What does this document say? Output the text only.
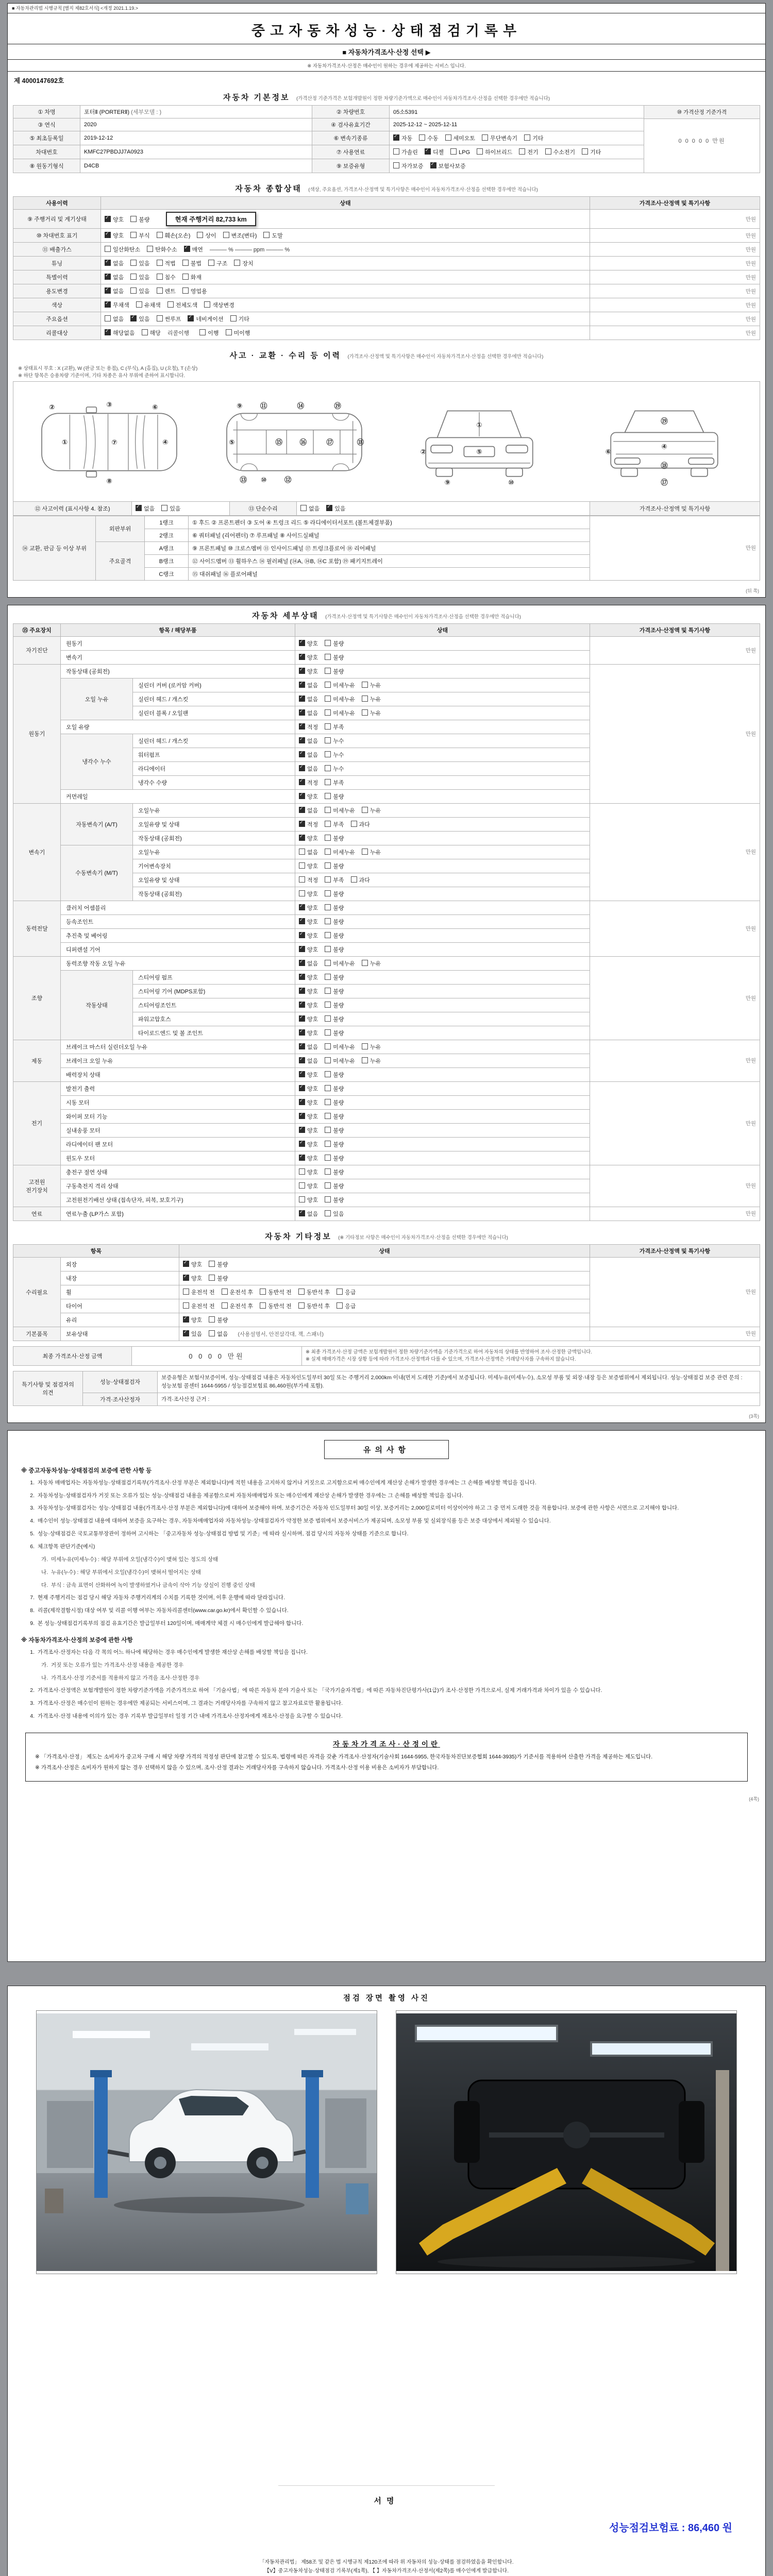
■ 자동차관리법 시행규칙 [별지 제82호서식] <개정 2021.1.19.>
중고자동차성능·상태점검기록부
■ 자동차가격조사·산정 선택 ▶
※ 자동차가격조사·산정은 매수인이 원하는 경우에 제공하는 서비스 입니다.
제 4000147692호
자동차 기본정보 (가격산정 기준가격은 보험개발원이 정한 차량기준가액으로 매수인이 자동차가격조사·산정을 선택한 경우에만 적습니다)
① 차명	포터Ⅱ (PORTERⅡ) (세부모델 : )	② 차량번호	05소5391	⑩ 가격산정 기준가격
0 0 0 0 0 만원

③ 연식	2020	④ 검사유효기간	2025-12-12 ~ 2025-12-11	
⑤ 최초등록일	2019-12-12	⑥ 변속기종류	✓자동 수동 세미오토 무단변속기 기타
차대번호	KMFC27PBDJJ7A0923	⑦ 사용연료	가솔린 ✓ 디젤 LPG 하이브리드 전기 수소전기 기타
⑧ 원동기형식	D4CB	⑨ 보증유형	자가보증 ✓ 보험사보증
자동차 종합상태 (색상, 주요옵션, 가격조사·산정액 및 특기사항은 매수인이 자동차가격조사·산정을 선택한 경우에만 적습니다)
사용이력	상태	가격조사·산정액 및 특기사항
⑨ 주행거리 및 계기상태	✓양호 불량 현재 주행거리 82,733 km	만원
⑩ 차대번호 표기	✓양호 부식 훼손(오손) 상이 변조(변타) 도말	만원
⑪ 배출가스	일산화탄소 탄화수소 ✓ 매연 ――― % ――― ppm ――― %	만원
튜닝	✓없음 있음 적법 불법 구조 장치	만원
특별이력	✓없음 있음 침수 화재	만원
용도변경	✓없음 있음 렌트 영업용	만원
색상	✓무채색 유채색 전체도색 색상변경	만원
주요옵션	없음 ✓ 있음 썬루프 ✓ 네비게이션 기타	만원
리콜대상	✓해당없음 해당 리콜이행 이행 미이행	만원
사고 · 교환 · 수리 등 이력 (가격조사·산정액 및 특기사항은 매수인이 자동차가격조사·산정을 선택한 경우에만 적습니다)
※ 상태표시 부호 : X (교환), W (판금 또는 용접), C (부식), A (흠집), U (요철), T (손상)
※ 하단 항목은 승용차량 기준이며, 기타 차종은 유사 부위에 준하여 표시합니다.
②	③	⑥
①	⑦	④
⑧
⑨	⑪	⑭	⑲
⑤	⑮	⑯	⑰	⑱
⑬ ⑩	⑫
①
②	⑤
⑨	⑩
⑲
⑥
④
⑱
⑰
⑫ 사고이력 (표시사항 4. 참조)	✓없음	있음	⑬ 단순수리	없음 ✓	있음	가격조사·산정액 및 특기사항
⑭ 교환, 판금 등 이상 부위	외판부위	1랭크	① 후드 ② 프론트펜더 ③ 도어 ④ 트렁크 리드 ⑤ 라디에이터서포트 (볼트체결부품)	만원
		2랭크	⑥ 쿼터패널 (리어펜더) ⑦ 루프패널 ⑧ 사이드실패널	
	주요골격	A랭크	⑨ 프론트패널 ⑩ 크로스멤버 ⑪ 인사이드패널 ⑰ 트렁크플로어 ⑱ 리어패널	
		B랭크	⑫ 사이드멤버 ⑬ 휠하우스 ⑭ 필러패널 (⑭A, ⑭B, ⑭C 포함) ⑲ 패키지트레이	
		C랭크	⑮ 대쉬패널 ⑯ 플로어패널	
(뒤 쪽)
자동차 세부상태 (가격조사·산정액 및 특기사항은 매수인이 자동차가격조사·산정을 선택한 경우에만 적습니다)
⑮ 주요장치	항목 / 해당부품		상태	가격조사·산정액 및 특기사항
자기진단	원동기	✓양호 불량	만원
	변속기	✓양호 불량
원동기	작동상태 (공회전)	✓양호 불량	만원
	오일 누유	실린더 커버 (로커암 커버)	✓없음 미세누유 누유
		실린더 헤드 / 개스킷	✓없음 미세누유 누유
		실린더 블록 / 오일팬	✓없음 미세누유 누유
	오일 유량	✓적정 부족
	냉각수 누수	실린더 헤드 / 개스킷	✓없음 누수
		워터펌프	✓없음 누수
		라디에이터	✓없음 누수
		냉각수 수량	✓적정 부족
	커먼레일	✓양호 불량
변속기	자동변속기 (A/T)	오일누유	✓없음 미세누유 누유	만원
		오일유량 및 상태	✓적정 부족 과다
		작동상태 (공회전)	✓양호 불량
	수동변속기 (M/T)	오일누유	없음 미세누유 누유	
		기어변속장치	양호 불량	
		오일유량 및 상태	적정 부족 과다	
		작동상태 (공회전)	양호 불량	
동력전달	클러치 어셈블리	✓양호 불량	만원
	등속조인트	✓양호 불량
	추진축 및 베어링	✓양호 불량
	디퍼렌셜 기어	✓양호 불량
조향	동력조향 작동 오일 누유	✓없음 미세누유 누유	만원
	작동상태	스티어링 펌프	✓양호 불량
		스티어링 기어 (MDPS포함)	✓양호 불량
		스티어링조인트	✓양호 불량
		파워고압호스	✓양호 불량
		타이로드엔드 및 볼 조인트	✓양호 불량
제동	브레이크 마스터 실린더오일 누유	✓없음 미세누유 누유	만원
	브레이크 오일 누유	✓없음 미세누유 누유
	배력장치 상태	✓양호 불량
전기	발전기 출력	✓양호 불량	만원
	시동 모터	✓양호 불량
	와이퍼 모터 기능	✓양호 불량
	실내송풍 모터	✓양호 불량
	라디에이터 팬 모터	✓양호 불량
	윈도우 모터	✓양호 불량
고전원 전기장치	충전구 절연 상태		양호 불량	만원
	구동축전지 격리 상태		양호 불량	
	고전원전기배선 상태 (접속단자, 피복, 보호기구)		양호 불량	
연료	연료누출 (LP가스 포함)	✓없음 있음	만원
자동차 기타정보 (※ 기타정보 사항은 매수인이 자동차가격조사·산정을 선택한 경우에만 적습니다)
항목		상태	가격조사·산정액 및 특기사항
수리필요	외장	✓양호 불량	만원
	내장	✓양호 불량
	휠	운전석 전 운전석 후 동반석 전 동반석 후 응급	
	타이어	운전석 전 운전석 후 동반석 전 동반석 후 응급	
	유리	✓양호 불량
기본품목	보유상태	✓있음 없음 (사용설명서, 안전삼각대, 잭, 스패너)	만원
최종 가격조사·산정 금액	0 0 0 0 만원	
※ 최종 가격조사·산정 금액은 보험개발원이 정한 차량기준가액을 기준가격으로 하여 자동차의 상태를 반영하여 조사·산정한 금액입니다.
※ 실제 매매가격은 시장 상황 등에 따라 가격조사·산정액과 다를 수 있으며, 가격조사·산정액은 거래당사자를 구속하지 않습니다.
특기사항 및 점검자의 의견	성능·상태점검자	보증유형은 보험사보증이며, 성능·상태점검 내용은 자동차인도일부터 30일 또는 주행거리 2,000km 이내(먼저 도래한 기준)에서 보증됩니다. 미세누유(미세누수), 소모성 부품 및 외장·내장 등은 보증범위에서 제외됩니다. 성능·상태점검 보증 관련 문의 : 성능보험 콜센터 1644-5955 / 성능점검보험료 86,460원(부가세 포함).
	가격·조사산정자	가격·조사산정 근거 :
(3쪽)
유의사항
※ 중고자동차성능·상태점검의 보증에 관한 사항 등
1. 자동차 매매업자는 자동차성능·상태점검기록부(가격조사·산정 부분은 제외합니다)에 적힌 내용을 고지하지 않거나 거짓으로 고지함으로써 매수인에게 재산상 손해가 발생한 경우에는 그 손해를 배상할 책임을 집니다.
2. 자동차성능·상태점검자가 거짓 또는 오류가 있는 성능·상태점검 내용을 제공함으로써 자동차매매업자 또는 매수인에게 재산상 손해가 발생한 경우에는 그 손해를 배상할 책임을 집니다.
3. 자동차성능·상태점검자는 성능·상태점검 내용(가격조사·산정 부분은 제외합니다)에 대하여 보증해야 하며, 보증기간은 자동차 인도일부터 30일 이상, 보증거리는 2,000킬로미터 이상이어야 하고 그 중 먼저 도래한 것을 적용합니다. 보증에 관한 사항은 서면으로 고지해야 합니다.
4. 매수인이 성능·상태점검 내용에 대하여 보증을 요구하는 경우, 자동차매매업자와 자동차성능·상태점검자가 약정한 보증 범위에서 보증서비스가 제공되며, 소모성 부품 및 실외장식품 등은 보증 대상에서 제외될 수 있습니다.
5. 성능·상태점검은 국토교통부장관이 정하여 고시하는 「중고자동차 성능·상태점검 방법 및 기준」에 따라 실시하며, 점검 당시의 자동차 상태를 기준으로 합니다.
6. 체크항목 판단기준(예시)
가. 미세누유(미세누수) : 해당 부위에 오일(냉각수)이 맺혀 있는 정도의 상태
나. 누유(누수) : 해당 부위에서 오일(냉각수)이 맺혀서 떨어지는 상태
다. 부식 : 금속 표면이 산화하여 녹이 발생하였거나 금속이 삭아 기능 상실이 진행 중인 상태
7. 현재 주행거리는 점검 당시 해당 자동차 주행거리계의 수치를 기록한 것이며, 이후 운행에 따라 달라집니다.
8. 리콜(제작결함시정) 대상 여부 및 리콜 이행 여부는 자동차리콜센터(www.car.go.kr)에서 확인할 수 있습니다.
9. 본 성능·상태점검기록부의 점검 유효기간은 발급일부터 120일이며, 매매계약 체결 시 매수인에게 발급해야 합니다.
※ 자동차가격조사·산정의 보증에 관한 사항
1. 가격조사·산정자는 다음 각 목의 어느 하나에 해당하는 경우 매수인에게 발생한 재산상 손해를 배상할 책임을 집니다.
가. 거짓 또는 오류가 있는 가격조사·산정 내용을 제공한 경우
나. 가격조사·산정 기준서를 적용하지 않고 가격을 조사·산정한 경우
2. 가격조사·산정액은 보험개발원이 정한 차량기준가액을 기준가격으로 하여 「기술사법」에 따른 자동차 분야 기술사 또는 「국가기술자격법」에 따른 자동차진단평가사(1급)가 조사·산정한 가격으로서, 실제 거래가격과 차이가 있을 수 있습니다.
3. 가격조사·산정은 매수인이 원하는 경우에만 제공되는 서비스이며, 그 결과는 거래당사자를 구속하지 않고 참고자료로만 활용됩니다.
4. 가격조사·산정 내용에 이의가 있는 경우 기록부 발급일부터 일정 기간 내에 가격조사·산정자에게 재조사·산정을 요구할 수 있습니다.
자동차가격조사·산정이란

※ 「가격조사·산정」 제도는 소비자가 중고차 구매 시 해당 차량 가격의 적정성 판단에 참고할 수 있도록, 법령에 따른 자격을 갖춘 가격조사·산정자(기술사회 1644-5955, 한국자동차진단보증협회 1644-3935)가 기준서를 적용하여 산출한 가격을 제공하는 제도입니다.

※ 가격조사·산정은 소비자가 원하지 않는 경우 선택하지 않을 수 있으며, 조사·산정 결과는 거래당사자를 구속하지 않습니다. 가격조사·산정 이용 비용은 소비자가 부담합니다.

(4쪽)
점검 장면 촬영 사진
서명
성능점검보험료 : 86,460 원
「자동차관리법」 제58조 및 같은 법 시행규칙 제120조에 따라 위 자동차의 성능·상태를 점검하였음을 확인합니다.
【V】중고자동차성능·상태점검 기록부(제1쪽), 【 】자동차가격조사·산정서(제2쪽)를 매수인에게 발급합니다.
